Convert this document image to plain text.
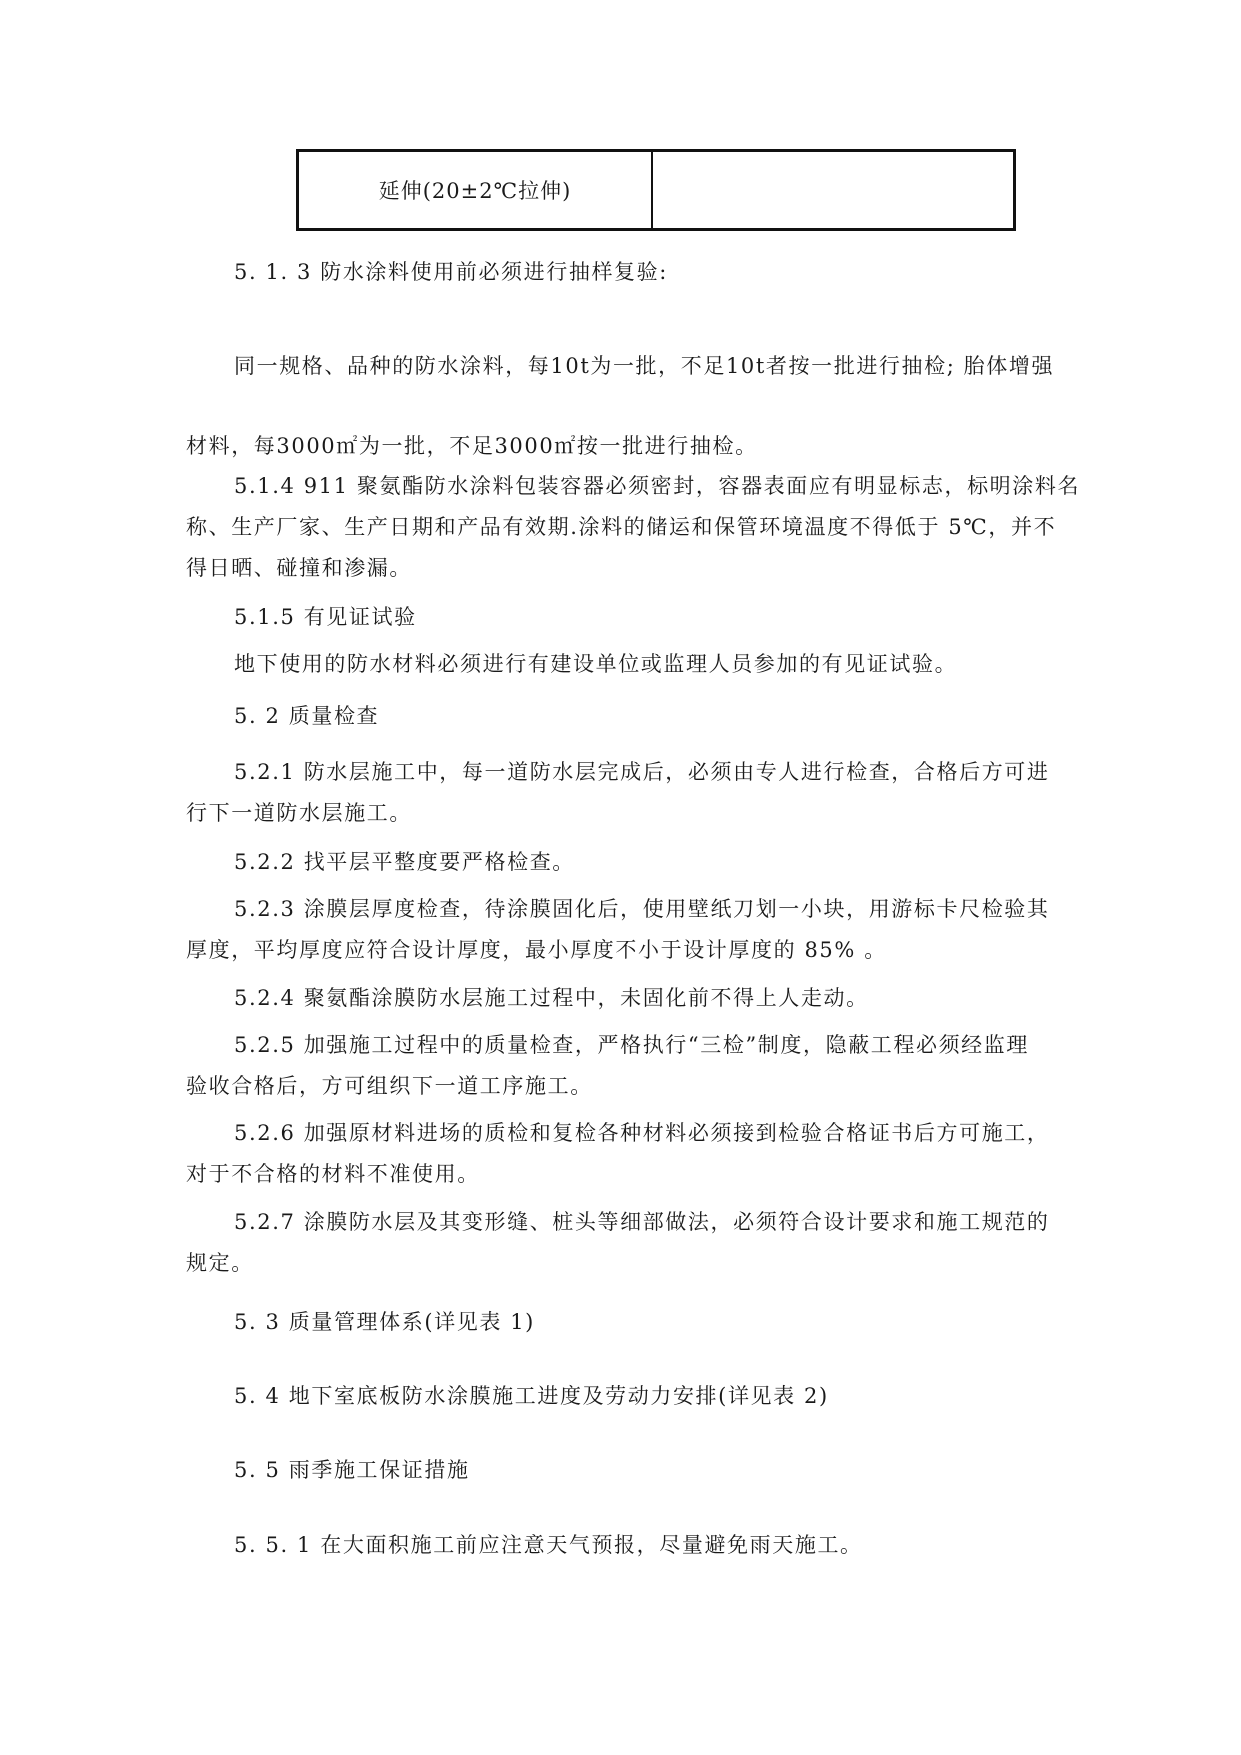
延伸(20±2℃拉伸)

5. 1. 3 防水涂料使用前必须进行抽样复验:

同一规格、品种的防水涂料，每10t为一批，不足10t者按一批进行抽检; 胎体增强
材料，每3000㎡为一批，不足3000㎡按一批进行抽检。
5.1.4 911 聚氨酯防水涂料包装容器必须密封，容器表面应有明显标志，标明涂料名
称、生产厂家、生产日期和产品有效期.涂料的储运和保管环境温度不得低于 5℃，并不
得日晒、碰撞和渗漏。
5.1.5 有见证试验
地下使用的防水材料必须进行有建设单位或监理人员参加的有见证试验。
5. 2 质量检查
5.2.1 防水层施工中，每一道防水层完成后，必须由专人进行检查，合格后方可进
行下一道防水层施工。
5.2.2 找平层平整度要严格检查。
5.2.3 涂膜层厚度检查，待涂膜固化后，使用壁纸刀划一小块，用游标卡尺检验其
厚度，平均厚度应符合设计厚度，最小厚度不小于设计厚度的 85% 。
5.2.4 聚氨酯涂膜防水层施工过程中，未固化前不得上人走动。
5.2.5 加强施工过程中的质量检查，严格执行“三检”制度，隐蔽工程必须经监理
验收合格后，方可组织下一道工序施工。
5.2.6 加强原材料进场的质检和复检各种材料必须接到检验合格证书后方可施工，
对于不合格的材料不准使用。
5.2.7 涂膜防水层及其变形缝、桩头等细部做法，必须符合设计要求和施工规范的
规定。
5. 3 质量管理体系(详见表 1)
5. 4 地下室底板防水涂膜施工进度及劳动力安排(详见表 2)
5. 5 雨季施工保证措施
5. 5. 1 在大面积施工前应注意天气预报，尽量避免雨天施工。
